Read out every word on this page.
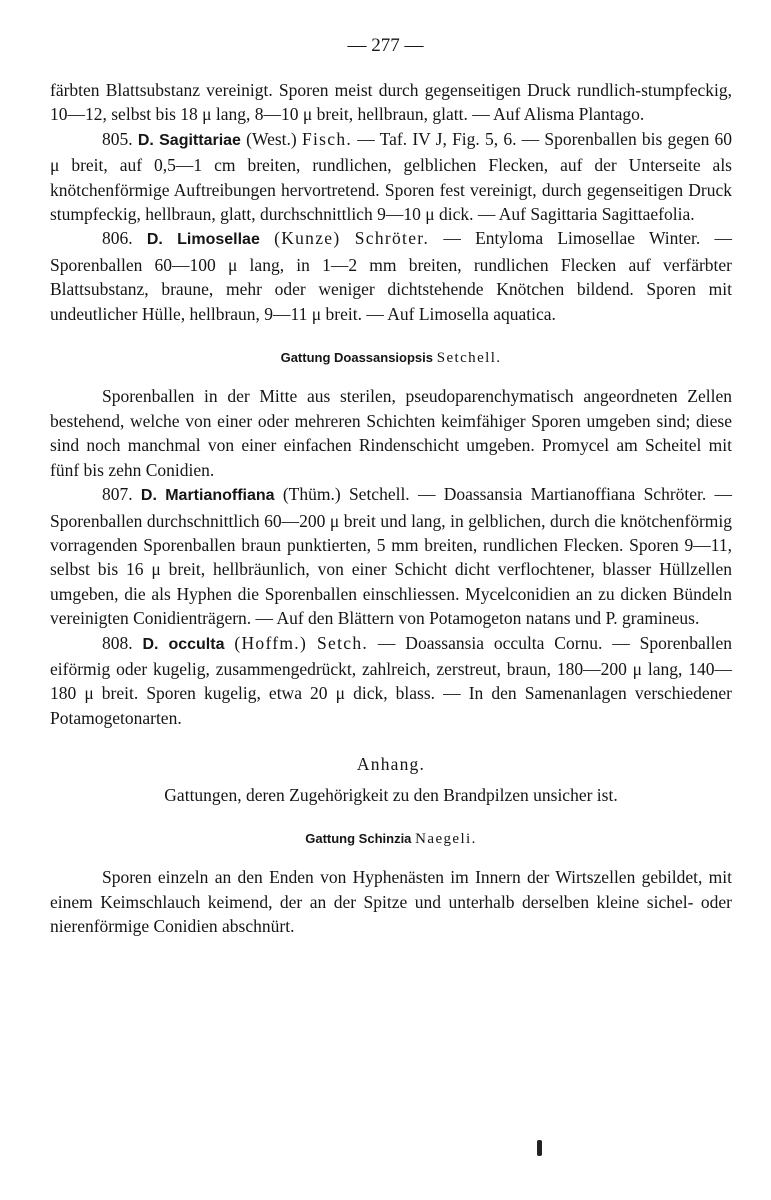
— 277 —

färbten Blattsubstanz vereinigt. Sporen meist durch gegenseitigen Druck rundlich-stumpfeckig, 10—12, selbst bis 18 μ lang, 8—10 μ breit, hellbraun, glatt. — Auf Alisma Plantago.

805. D. Sagittariae (West.) Fisch. — Taf. IV J, Fig. 5, 6. — Sporenballen bis gegen 60 μ breit, auf 0,5—1 cm breiten, rundlichen, gelblichen Flecken, auf der Unterseite als knötchenförmige Auftreibungen hervortretend. Sporen fest vereinigt, durch gegenseitigen Druck stumpfeckig, hellbraun, glatt, durchschnittlich 9—10 μ dick. — Auf Sagittaria Sagittaefolia.

806. D. Limosellae (Kunze) Schröter. — Entyloma Limosellae Winter. — Sporenballen 60—100 μ lang, in 1—2 mm breiten, rundlichen Flecken auf verfärbter Blattsubstanz, braune, mehr oder weniger dichtstehende Knötchen bildend. Sporen mit undeutlicher Hülle, hellbraun, 9—11 μ breit. — Auf Limosella aquatica.

Gattung Doassansiopsis Setchell.

Sporenballen in der Mitte aus sterilen, pseudoparenchymatisch angeordneten Zellen bestehend, welche von einer oder mehreren Schichten keimfähiger Sporen umgeben sind; diese sind noch manchmal von einer einfachen Rindenschicht umgeben. Promycel am Scheitel mit fünf bis zehn Conidien.

807. D. Martianoffiana (Thüm.) Setchell. — Doassansia Martianoffiana Schröter. — Sporenballen durchschnittlich 60—200 μ breit und lang, in gelblichen, durch die knötchenförmig vorragenden Sporenballen braun punktierten, 5 mm breiten, rundlichen Flecken. Sporen 9—11, selbst bis 16 μ breit, hellbräunlich, von einer Schicht dicht verflochtener, blasser Hüllzellen umgeben, die als Hyphen die Sporenballen einschliessen. Mycelconidien an zu dicken Bündeln vereinigten Conidienträgern. — Auf den Blättern von Potamogeton natans und P. gramineus.

808. D. occulta (Hoffm.) Setch. — Doassansia occulta Cornu. — Sporenballen eiförmig oder kugelig, zusammengedrückt, zahlreich, zerstreut, braun, 180—200 μ lang, 140—180 μ breit. Sporen kugelig, etwa 20 μ dick, blass. — In den Samenanlagen verschiedener Potamogetonarten.

Anhang.

Gattungen, deren Zugehörigkeit zu den Brandpilzen unsicher ist.

Gattung Schinzia Naegeli.

Sporen einzeln an den Enden von Hyphenästen im Innern der Wirtszellen gebildet, mit einem Keimschlauch keimend, der an der Spitze und unterhalb derselben kleine sichel- oder nierenförmige Conidien abschnürt.
